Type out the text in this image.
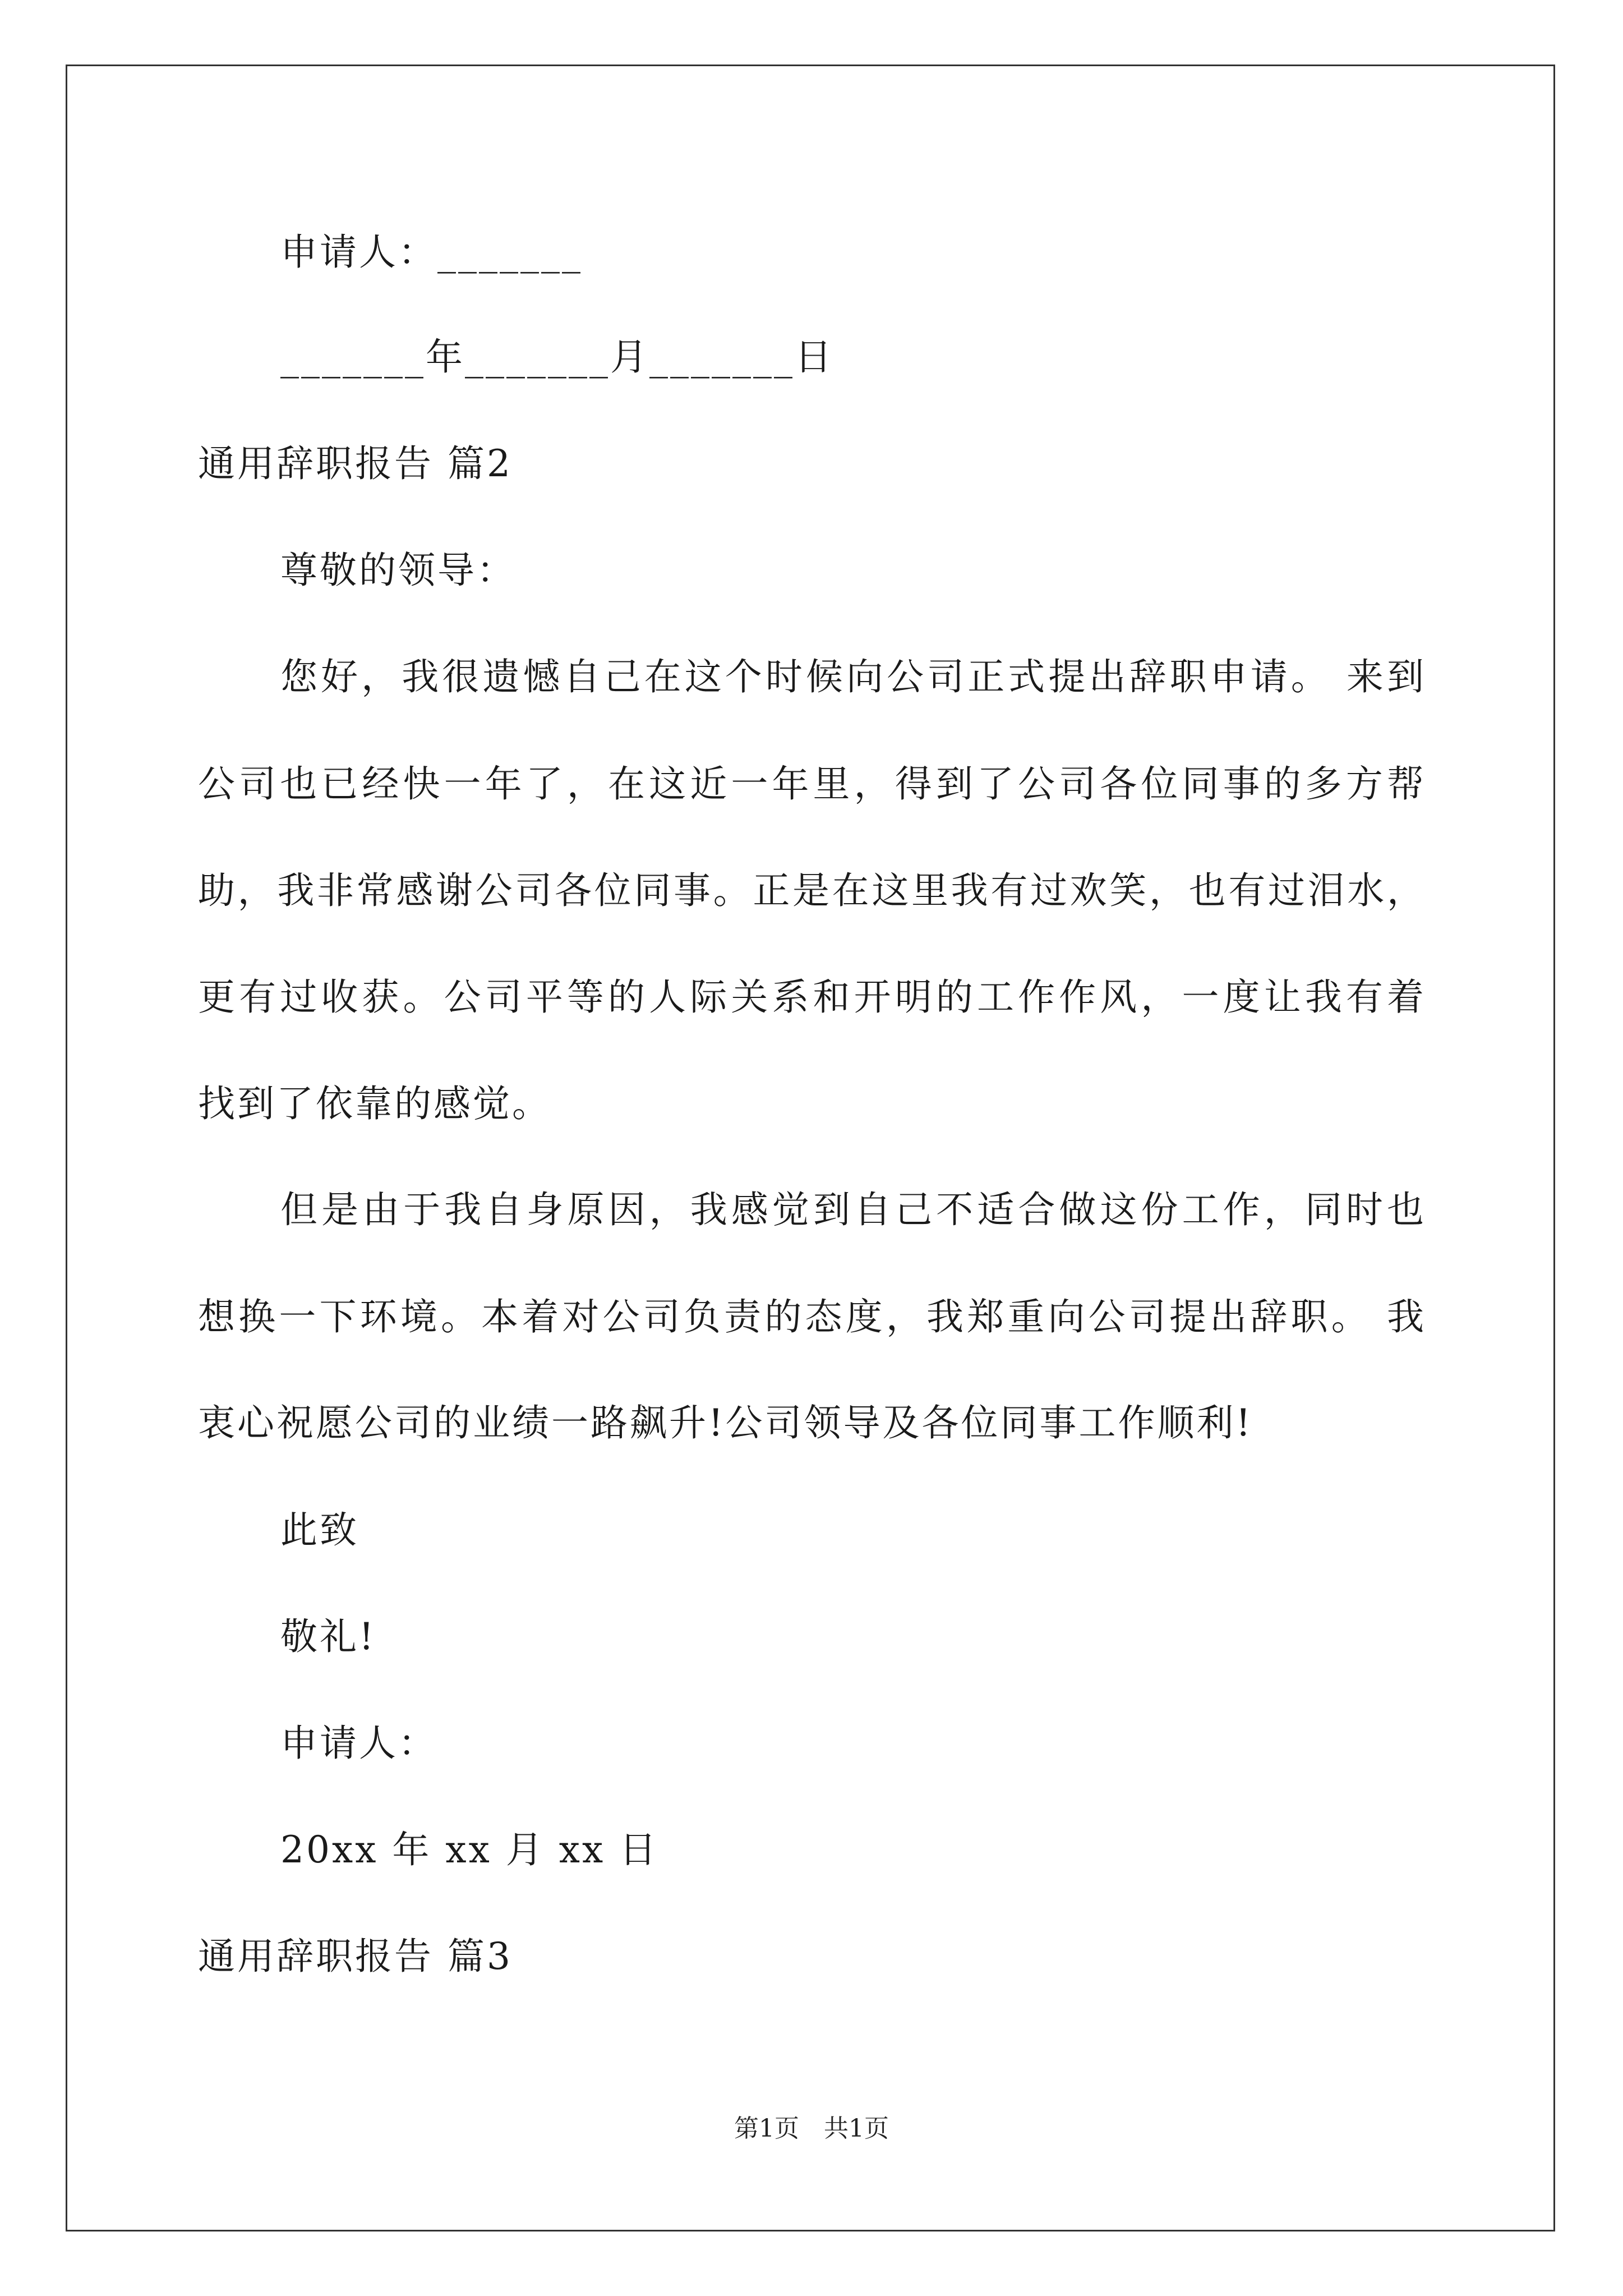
申请人：_______
_______年_______月_______日
通用辞职报告 篇2
尊敬的领导：
您好，我很遗憾自己在这个时候向公司正式提出辞职申请。 来到
公司也已经快一年了，在这近一年里，得到了公司各位同事的多方帮
助，我非常感谢公司各位同事。正是在这里我有过欢笑，也有过泪水，
更有过收获。公司平等的人际关系和开明的工作作风，一度让我有着
找到了依靠的感觉。
但是由于我自身原因，我感觉到自己不适合做这份工作，同时也
想换一下环境。本着对公司负责的态度，我郑重向公司提出辞职。 我
衷心祝愿公司的业绩一路飙升!公司领导及各位同事工作顺利!
此致
敬礼!
申请人：
20xx 年 xx 月 xx 日
通用辞职报告 篇3
第1页　共1页
